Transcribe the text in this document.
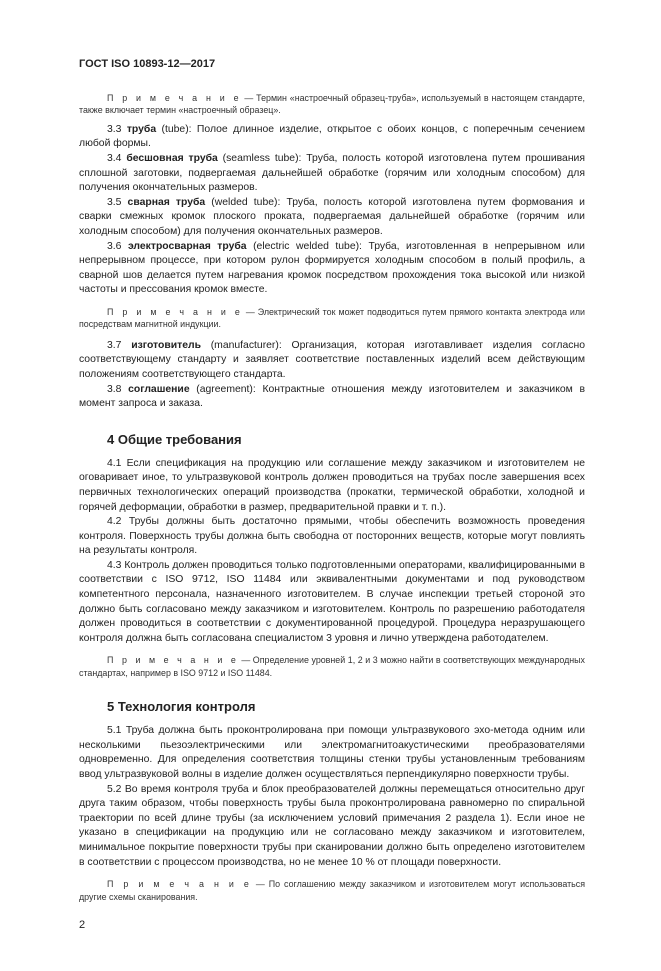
ГОСТ ISO 10893-12—2017

П р и м е ч а н и е — Термин «настроечный образец-труба», используемый в настоящем стандарте, также включает термин «настроечный образец».

3.3 труба (tube): Полое длинное изделие, открытое с обоих концов, с поперечным сечением любой формы.

3.4 бесшовная труба (seamless tube): Труба, полость которой изготовлена путем прошивания сплошной заготовки, подвергаемая дальнейшей обработке (горячим или холодным способом) для получения окончательных размеров.

3.5 сварная труба (welded tube): Труба, полость которой изготовлена путем формования и сварки смежных кромок плоского проката, подвергаемая дальнейшей обработке (горячим или холодным способом) для получения окончательных размеров.

3.6 электросварная труба (electric welded tube): Труба, изготовленная в непрерывном или непрерывном процессе, при котором рулон формируется холодным способом в полый профиль, а сварной шов делается путем нагревания кромок посредством прохождения тока высокой или низкой частоты и прессования кромок вместе.

П р и м е ч а н и е — Электрический ток может подводиться путем прямого контакта электрода или посредствам магнитной индукции.

3.7 изготовитель (manufacturer): Организация, которая изготавливает изделия согласно соответствующему стандарту и заявляет соответствие поставленных изделий всем действующим положениям соответствующего стандарта.

3.8 соглашение (agreement): Контрактные отношения между изготовителем и заказчиком в момент запроса и заказа.

4 Общие требования

4.1 Если спецификация на продукцию или соглашение между заказчиком и изготовителем не оговаривает иное, то ультразвуковой контроль должен проводиться на трубах после завершения всех первичных технологических операций производства (прокатки, термической обработки, холодной и горячей деформации, обработки в размер, предварительной правки и т. п.).

4.2 Трубы должны быть достаточно прямыми, чтобы обеспечить возможность проведения контроля. Поверхность трубы должна быть свободна от посторонних веществ, которые могут повлиять на результаты контроля.

4.3 Контроль должен проводиться только подготовленными операторами, квалифицированными в соответствии с ISO 9712, ISO 11484 или эквивалентными документами и под руководством компетентного персонала, назначенного изготовителем. В случае инспекции третьей стороной это должно быть согласовано между заказчиком и изготовителем. Контроль по разрешению работодателя должен проводиться в соответствии с документированной процедурой. Процедура неразрушающего контроля должна быть согласована специалистом 3 уровня и лично утверждена работодателем.

П р и м е ч а н и е — Определение уровней 1, 2 и 3 можно найти в соответствующих международных стандартах, например в ISO 9712 и ISO 11484.

5 Технология контроля

5.1 Труба должна быть проконтролирована при помощи ультразвукового эхо-метода одним или несколькими пьезоэлектрическими или электромагнитоакустическими преобразователями одновременно. Для определения соответствия толщины стенки трубы установленным требованиям ввод ультразвуковой волны в изделие должен осуществляться перпендикулярно поверхности трубы.

5.2 Во время контроля труба и блок преобразователей должны перемещаться относительно друг друга таким образом, чтобы поверхность трубы была проконтролирована равномерно по спиральной траектории по всей длине трубы (за исключением условий примечания 2 раздела 1). Если иное не указано в спецификации на продукцию или не согласовано между заказчиком и изготовителем, минимальное покрытие поверхности трубы при сканировании должно быть определено изготовителем в соответствии с процессом производства, но не менее 10 % от площади поверхности.

П р и м е ч а н и е — По соглашению между заказчиком и изготовителем могут использоваться другие схемы сканирования.

2
